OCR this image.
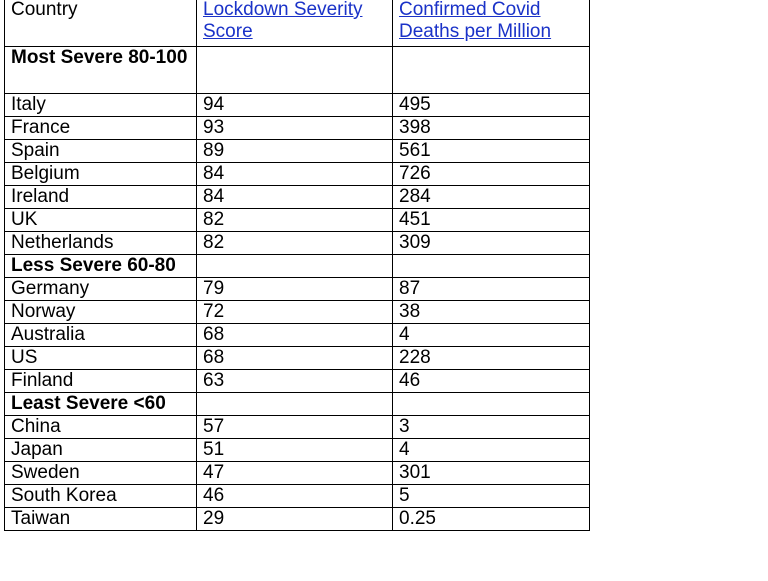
Country	Lockdown Severity Score	Confirmed Covid Deaths per Million
Most Severe 80-100		
Italy	94	495
France	93	398
Spain	89	561
Belgium	84	726
Ireland	84	284
UK	82	451
Netherlands	82	309
Less Severe 60-80		
Germany	79	87
Norway	72	38
Australia	68	4
US	68	228
Finland	63	46
Least Severe <60		
China	57	3
Japan	51	4
Sweden	47	301
South Korea	46	5
Taiwan	29	0.25
